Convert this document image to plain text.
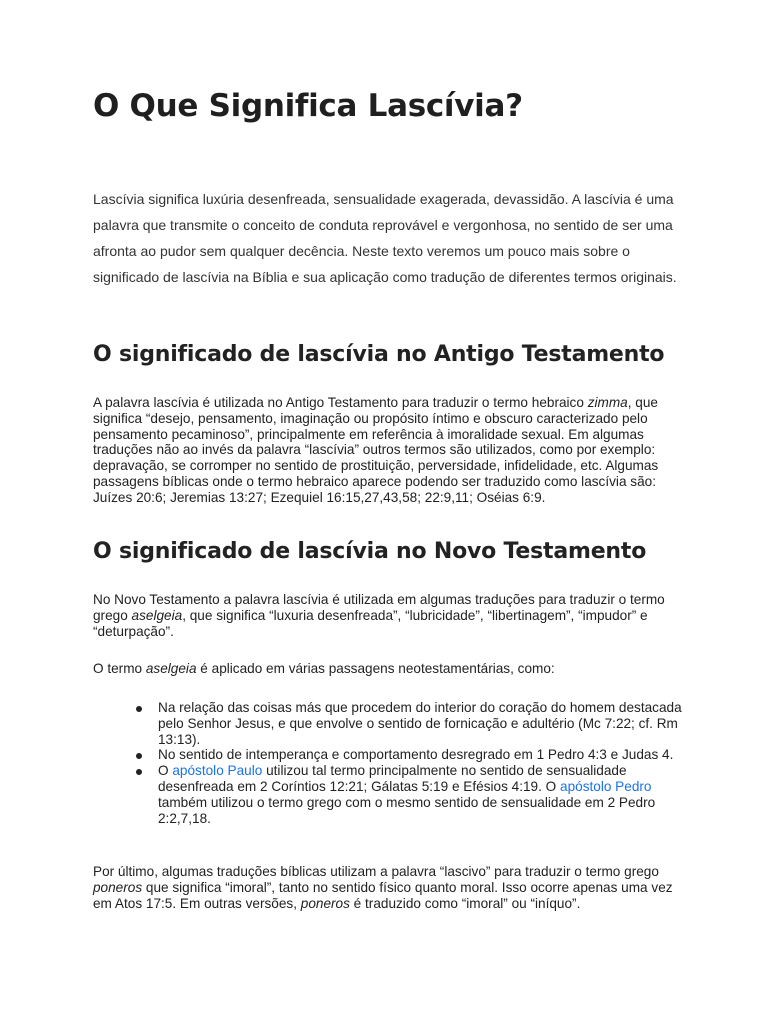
O Que Significa Lascívia?

Lascívia significa luxúria desenfreada, sensualidade exagerada, devassidão. A lascívia é uma palavra que transmite o conceito de conduta reprovável e vergonhosa, no sentido de ser uma afronta ao pudor sem qualquer decência. Neste texto veremos um pouco mais sobre o significado de lascívia na Bíblia e sua aplicação como tradução de diferentes termos originais.

O significado de lascívia no Antigo Testamento

A palavra lascívia é utilizada no Antigo Testamento para traduzir o termo hebraico zimma, que significa “desejo, pensamento, imaginação ou propósito íntimo e obscuro caracterizado pelo pensamento pecaminoso”, principalmente em referência à imoralidade sexual. Em algumas traduções não ao invés da palavra “lascívia” outros termos são utilizados, como por exemplo: depravação, se corromper no sentido de prostituição, perversidade, infidelidade, etc. Algumas passagens bíblicas onde o termo hebraico aparece podendo ser traduzido como lascívia são: Juízes 20:6; Jeremias 13:27; Ezequiel 16:15,27,43,58; 22:9,11; Oséias 6:9.

O significado de lascívia no Novo Testamento

No Novo Testamento a palavra lascívia é utilizada em algumas traduções para traduzir o termo grego aselgeia, que significa “luxuria desenfreada”, “lubricidade”, “libertinagem”, “impudor” e “deturpação”.

O termo aselgeia é aplicado em várias passagens neotestamentárias, como:

Na relação das coisas más que procedem do interior do coração do homem destacada pelo Senhor Jesus, e que envolve o sentido de fornicação e adultério (Mc 7:22; cf. Rm 13:13).
No sentido de intemperança e comportamento desregrado em 1 Pedro 4:3 e Judas 4.
O apóstolo Paulo utilizou tal termo principalmente no sentido de sensualidade desenfreada em 2 Coríntios 12:21; Gálatas 5:19 e Efésios 4:19. O apóstolo Pedro também utilizou o termo grego com o mesmo sentido de sensualidade em 2 Pedro 2:2,7,18.

Por último, algumas traduções bíblicas utilizam a palavra “lascivo” para traduzir o termo grego poneros que significa “imoral”, tanto no sentido físico quanto moral. Isso ocorre apenas uma vez em Atos 17:5. Em outras versões, poneros é traduzido como “imoral” ou “iníquo”.
